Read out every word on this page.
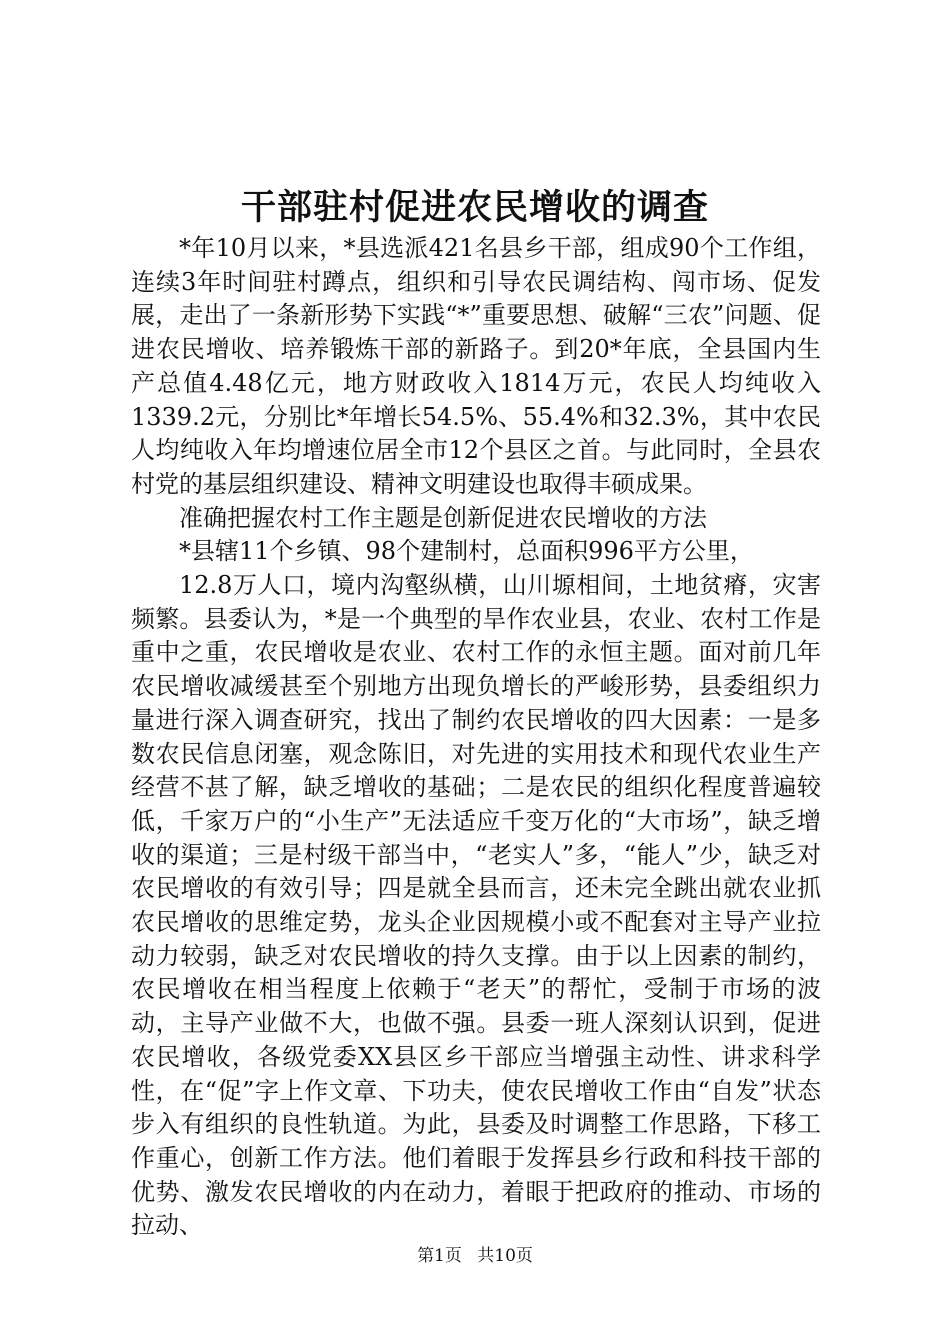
干部驻村促进农民增收的调查

*年10月以来，*县选派421名县乡干部，组成90个工作组，连续3年时间驻村蹲点，组织和引导农民调结构、闯市场、促发展，走出了一条新形势下实践“*”重要思想、破解“三农”问题、促进农民增收、培养锻炼干部的新路子。到20*年底，全县国内生产总值4.48亿元，地方财政收入1814万元，农民人均纯收入1339.2元，分别比*年增长54.5%、55.4%和32.3%，其中农民人均纯收入年均增速位居全市12个县区之首。与此同时，全县农村党的基层组织建设、精神文明建设也取得丰硕成果。

准确把握农村工作主题是创新促进农民增收的方法

*县辖11个乡镇、98个建制村，总面积996平方公里，

12.8万人口，境内沟壑纵横，山川塬相间，土地贫瘠，灾害频繁。县委认为，*是一个典型的旱作农业县，农业、农村工作是重中之重，农民增收是农业、农村工作的永恒主题。面对前几年农民增收减缓甚至个别地方出现负增长的严峻形势，县委组织力量进行深入调查研究，找出了制约农民增收的四大因素：一是多数农民信息闭塞，观念陈旧，对先进的实用技术和现代农业生产经营不甚了解，缺乏增收的基础；二是农民的组织化程度普遍较低，千家万户的“小生产”无法适应千变万化的“大市场”，缺乏增收的渠道；三是村级干部当中，“老实人”多，“能人”少，缺乏对农民增收的有效引导；四是就全县而言，还未完全跳出就农业抓农民增收的思维定势，龙头企业因规模小或不配套对主导产业拉动力较弱，缺乏对农民增收的持久支撑。由于以上因素的制约，农民增收在相当程度上依赖于“老天”的帮忙，受制于市场的波动，主导产业做不大，也做不强。县委一班人深刻认识到，促进农民增收，各级党委XX县区乡干部应当增强主动性、讲求科学性，在“促”字上作文章、下功夫，使农民增收工作由“自发”状态步入有组织的良性轨道。为此，县委及时调整工作思路，下移工作重心，创新工作方法。他们着眼于发挥县乡行政和科技干部的优势、激发农民增收的内在动力，着眼于把政府的推动、市场的拉动、

第1页 共10页
